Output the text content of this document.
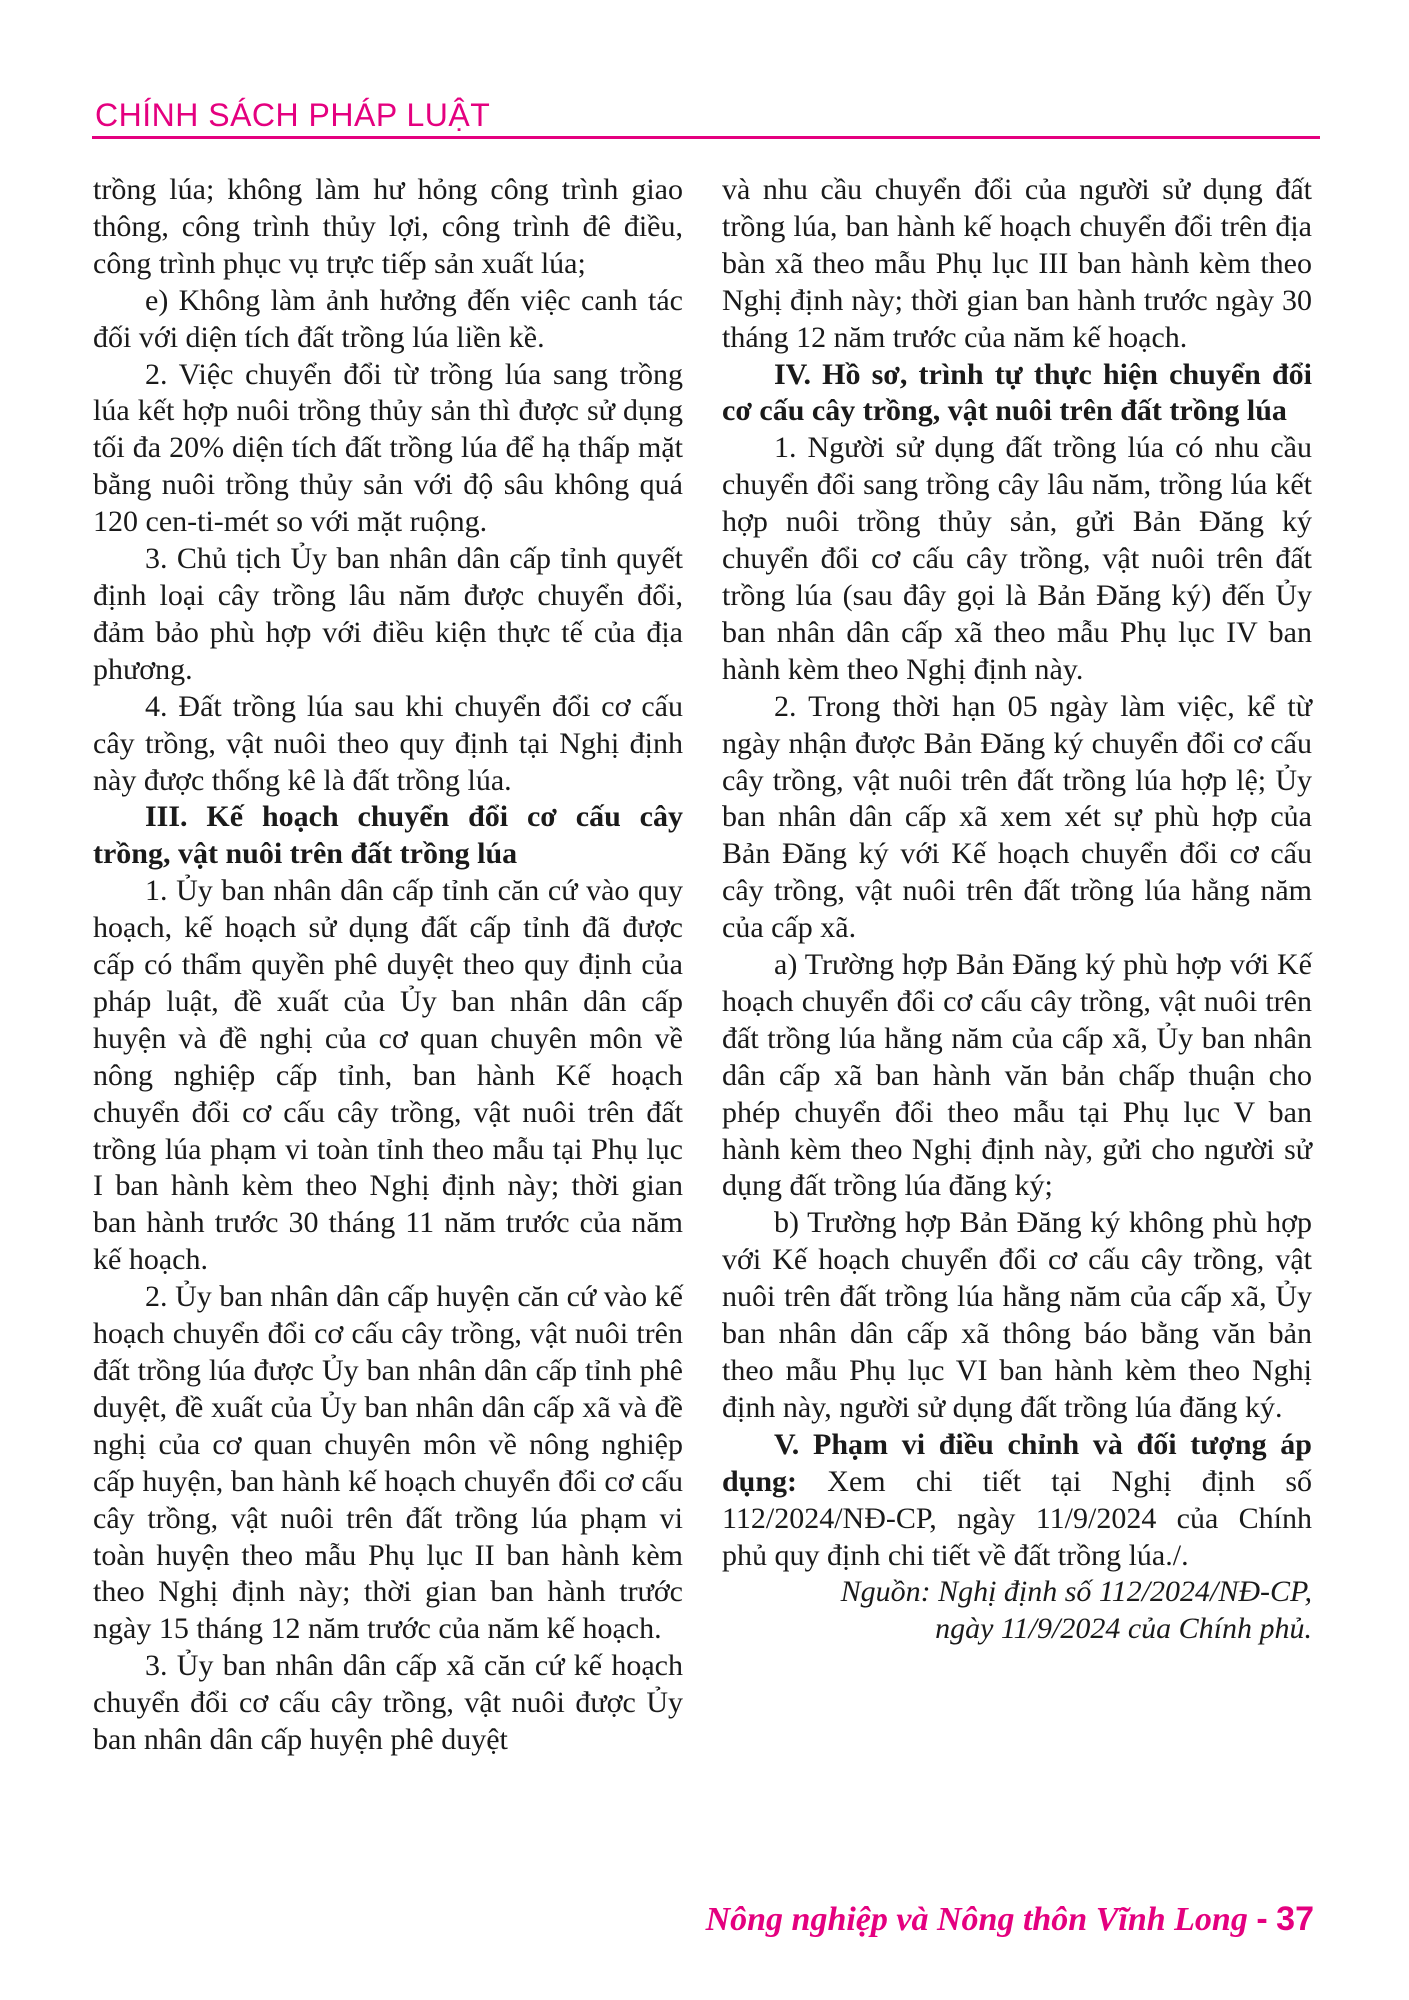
CHÍNH SÁCH PHÁP LUẬT

trồng lúa; không làm hư hỏng công trình giao thông, công trình thủy lợi, công trình đê điều, công trình phục vụ trực tiếp sản xuất lúa;

e) Không làm ảnh hưởng đến việc canh tác đối với diện tích đất trồng lúa liền kề.

2. Việc chuyển đổi từ trồng lúa sang trồng lúa kết hợp nuôi trồng thủy sản thì được sử dụng tối đa 20% diện tích đất trồng lúa để hạ thấp mặt bằng nuôi trồng thủy sản với độ sâu không quá 120 cen-ti-mét so với mặt ruộng.

3. Chủ tịch Ủy ban nhân dân cấp tỉnh quyết định loại cây trồng lâu năm được chuyển đổi, đảm bảo phù hợp với điều kiện thực tế của địa phương.

4. Đất trồng lúa sau khi chuyển đổi cơ cấu cây trồng, vật nuôi theo quy định tại Nghị định này được thống kê là đất trồng lúa.

III. Kế hoạch chuyển đổi cơ cấu cây trồng, vật nuôi trên đất trồng lúa

1. Ủy ban nhân dân cấp tỉnh căn cứ vào quy hoạch, kế hoạch sử dụng đất cấp tỉnh đã được cấp có thẩm quyền phê duyệt theo quy định của pháp luật, đề xuất của Ủy ban nhân dân cấp huyện và đề nghị của cơ quan chuyên môn về nông nghiệp cấp tỉnh, ban hành Kế hoạch chuyển đổi cơ cấu cây trồng, vật nuôi trên đất trồng lúa phạm vi toàn tỉnh theo mẫu tại Phụ lục I ban hành kèm theo Nghị định này; thời gian ban hành trước 30 tháng 11 năm trước của năm kế hoạch.

2. Ủy ban nhân dân cấp huyện căn cứ vào kế hoạch chuyển đổi cơ cấu cây trồng, vật nuôi trên đất trồng lúa được Ủy ban nhân dân cấp tỉnh phê duyệt, đề xuất của Ủy ban nhân dân cấp xã và đề nghị của cơ quan chuyên môn về nông nghiệp cấp huyện, ban hành kế hoạch chuyển đổi cơ cấu cây trồng, vật nuôi trên đất trồng lúa phạm vi toàn huyện theo mẫu Phụ lục II ban hành kèm theo Nghị định này; thời gian ban hành trước ngày 15 tháng 12 năm trước của năm kế hoạch.

3. Ủy ban nhân dân cấp xã căn cứ kế hoạch chuyển đổi cơ cấu cây trồng, vật nuôi được Ủy ban nhân dân cấp huyện phê duyệt

và nhu cầu chuyển đổi của người sử dụng đất trồng lúa, ban hành kế hoạch chuyển đổi trên địa bàn xã theo mẫu Phụ lục III ban hành kèm theo Nghị định này; thời gian ban hành trước ngày 30 tháng 12 năm trước của năm kế hoạch.

IV. Hồ sơ, trình tự thực hiện chuyển đổi cơ cấu cây trồng, vật nuôi trên đất trồng lúa

1. Người sử dụng đất trồng lúa có nhu cầu chuyển đổi sang trồng cây lâu năm, trồng lúa kết hợp nuôi trồng thủy sản, gửi Bản Đăng ký chuyển đổi cơ cấu cây trồng, vật nuôi trên đất trồng lúa (sau đây gọi là Bản Đăng ký) đến Ủy ban nhân dân cấp xã theo mẫu Phụ lục IV ban hành kèm theo Nghị định này.

2. Trong thời hạn 05 ngày làm việc, kể từ ngày nhận được Bản Đăng ký chuyển đổi cơ cấu cây trồng, vật nuôi trên đất trồng lúa hợp lệ; Ủy ban nhân dân cấp xã xem xét sự phù hợp của Bản Đăng ký với Kế hoạch chuyển đổi cơ cấu cây trồng, vật nuôi trên đất trồng lúa hằng năm của cấp xã.

a) Trường hợp Bản Đăng ký phù hợp với Kế hoạch chuyển đổi cơ cấu cây trồng, vật nuôi trên đất trồng lúa hằng năm của cấp xã, Ủy ban nhân dân cấp xã ban hành văn bản chấp thuận cho phép chuyển đổi theo mẫu tại Phụ lục V ban hành kèm theo Nghị định này, gửi cho người sử dụng đất trồng lúa đăng ký;

b) Trường hợp Bản Đăng ký không phù hợp với Kế hoạch chuyển đổi cơ cấu cây trồng, vật nuôi trên đất trồng lúa hằng năm của cấp xã, Ủy ban nhân dân cấp xã thông báo bằng văn bản theo mẫu Phụ lục VI ban hành kèm theo Nghị định này, người sử dụng đất trồng lúa đăng ký.

V. Phạm vi điều chỉnh và đối tượng áp dụng: Xem chi tiết tại Nghị định số 112/2024/NĐ-CP, ngày 11/9/2024 của Chính phủ quy định chi tiết về đất trồng lúa./.

Nguồn: Nghị định số 112/2024/NĐ-CP,

ngày 11/9/2024 của Chính phủ.

Nông nghiệp và Nông thôn Vĩnh Long - 37
